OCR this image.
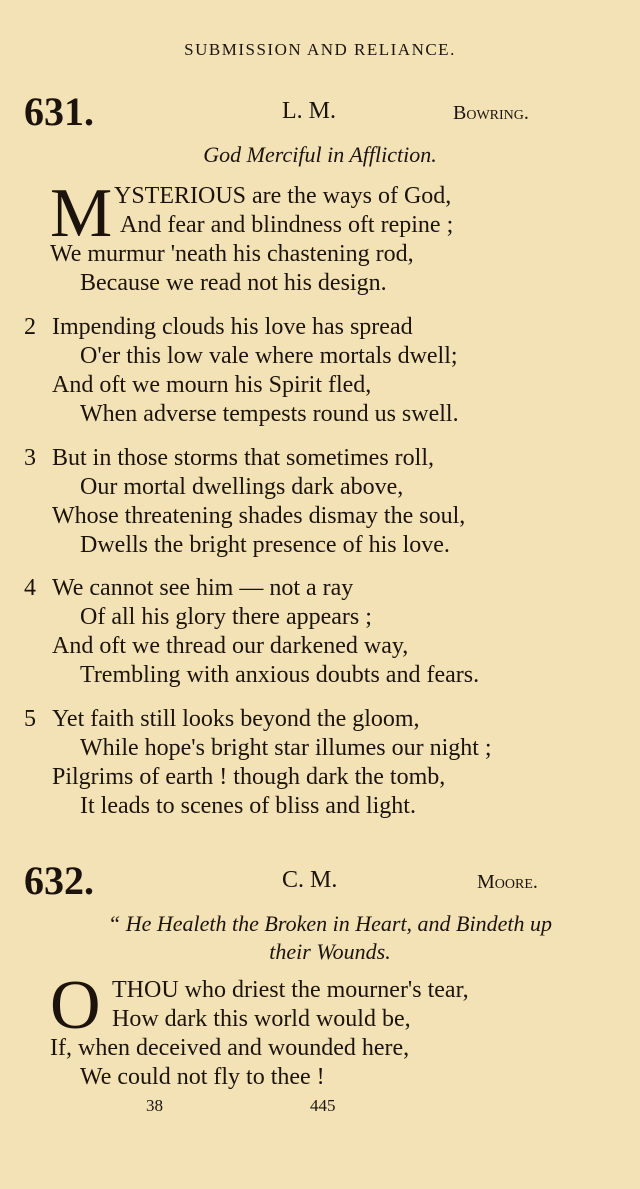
SUBMISSION AND RELIANCE.
631.	L. M.	Bowring.
God Merciful in Affliction.
M YSTERIOUS are the ways of God,
And fear and blindness oft repine ;
We murmur 'neath his chastening rod,
Because we read not his design.
2 Impending clouds his love has spread
O'er this low vale where mortals dwell;
And oft we mourn his Spirit fled,
When adverse tempests round us swell.
3 But in those storms that sometimes roll,
Our mortal dwellings dark above,
Whose threatening shades dismay the soul,
Dwells the bright presence of his love.
4 We cannot see him — not a ray
Of all his glory there appears ;
And oft we thread our darkened way,
Trembling with anxious doubts and fears.
5 Yet faith still looks beyond the gloom,
While hope's bright star illumes our night ;
Pilgrims of earth ! though dark the tomb,
It leads to scenes of bliss and light.
632.	C. M.	Moore.
“ He Healeth the Broken in Heart, and Bindeth up
their Wounds.
O THOU who driest the mourner's tear,
How dark this world would be,
If, when deceived and wounded here,
We could not fly to thee !
38	445
